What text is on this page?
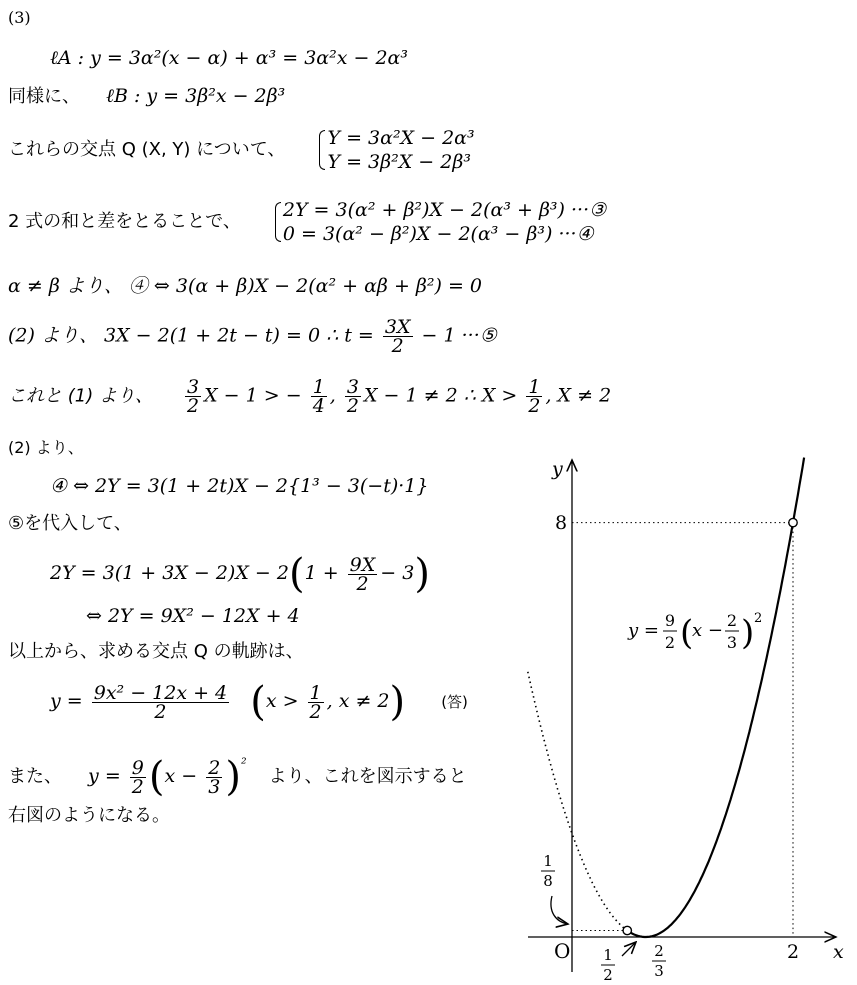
(3)
ℓA : y = 3α²(x − α) + α³ = 3α²x − 2α³
同様に、 ℓB : y = 3β²x − 2β³
これらの交点 Q (X, Y) について、
Y = 3α²X − 2α³
Y = 3β²X − 2β³
2 式の和と差をとることで、
2Y = 3(α² + β²)X − 2(α³ + β³) ···③
0 = 3(α² − β²)X − 2(α³ − β³) ···④
α ≠ β より、 ④ ⇔ 3(α + β)X − 2(α² + αβ + β²) = 0
(2) より、 3X − 2(1 + 2t − t) = 0 ∴ $t = \frac{3X}{2} - 1$ ···⑤
これと (1) より、 $\frac{3}{2}$ X − 1 > − $\frac{1}{4}$ , $\frac{3}{2}$ X − 1 ≠ 2 ∴ $X > \frac{1}{2}$ , X ≠ 2
(2) より、
④ ⇔ 2Y = 3(1 + 2t)X − 2{1³ − 3(−t)·1}
⑤を代入して、
$2Y = 3(1 + 3X - 2)X - 2(1 + \frac{9X}{2} - 3)$
⇔ 2Y = 9X² − 12X + 4
以上から、求める交点 Q の軌跡は、
$y = \frac{\text{9x² − 12x + 4}}{2} (x > \frac{1}{2}$ , x ≠ 2) (答)
また、 $y = \frac{9}{2} (x - \frac{2}{3} )^{^2}$ より、これを図示すると
右図のようになる。
x
y
O
8
2
1
8
1
2
2
3
y = 9
2 (
x − 2
3 ) 2
